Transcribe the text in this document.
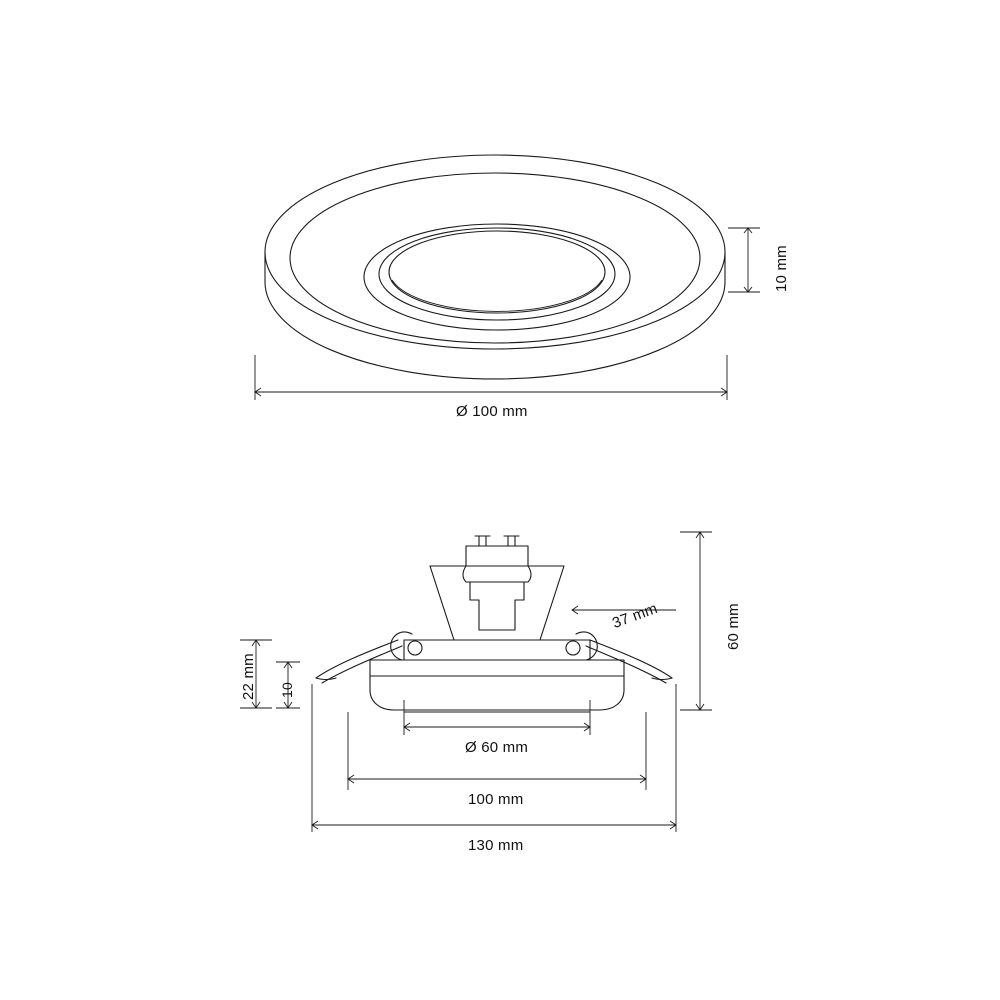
10 mm
Ø 100 mm
37 mm	60 mm
22 mm 10
Ø 60 mm
100 mm
130 mm
